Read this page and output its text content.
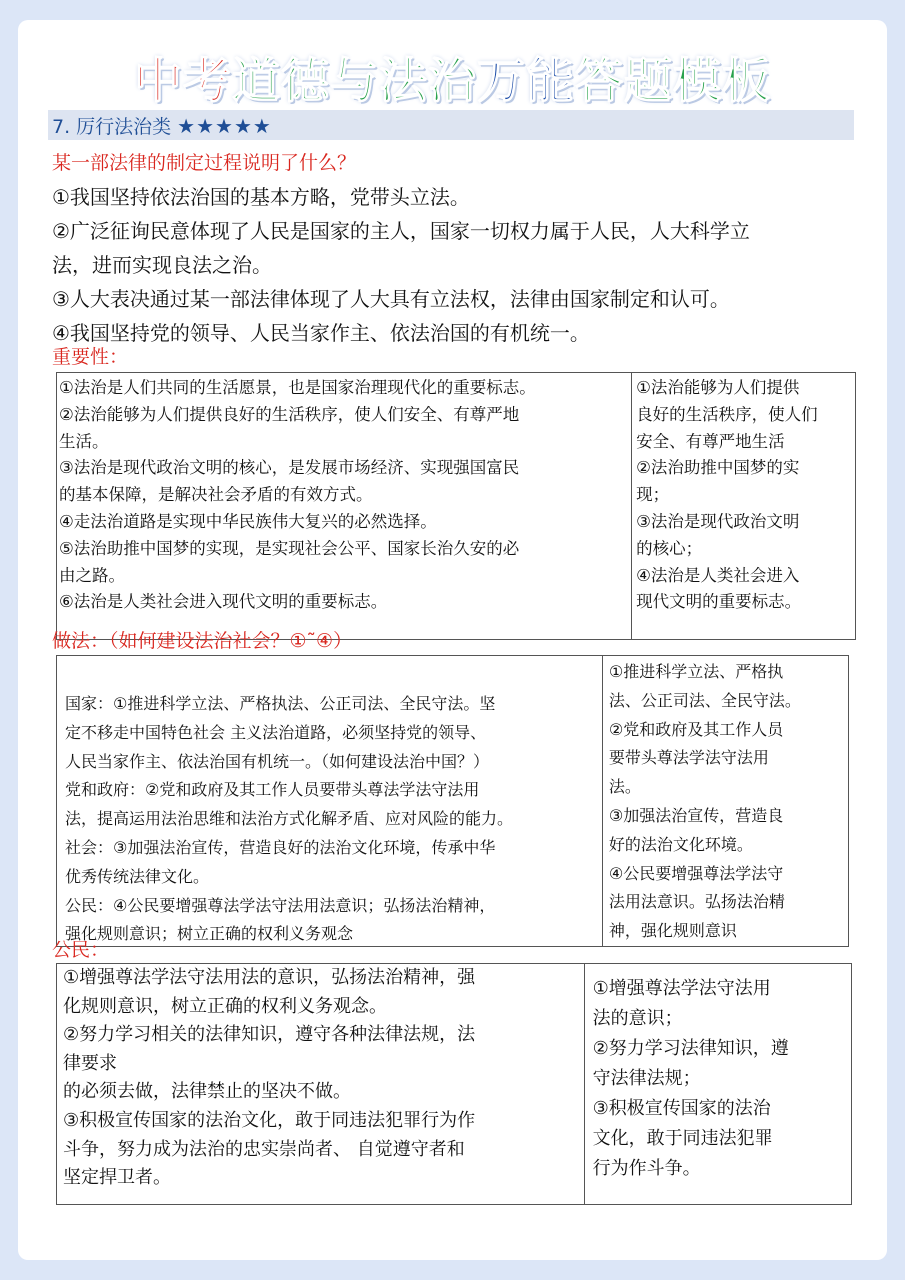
中考道德与法治万能答题模板
7. 厉行法治类 ★★★★★
某一部法律的制定过程说明了什么？
①我国坚持依法治国的基本方略，党带头立法。
②广泛征询民意体现了人民是国家的主人，国家一切权力属于人民，人大科学立
法，进而实现良法之治。
③人大表决通过某一部法律体现了人大具有立法权，法律由国家制定和认可。
④我国坚持党的领导、人民当家作主、依法治国的有机统一。
重要性：
①法治是人们共同的生活愿景，也是国家治理现代化的重要标志。
②法治能够为人们提供良好的生活秩序，使人们安全、有尊严地
生活。
③法治是现代政治文明的核心，是发展市场经济、实现强国富民
的基本保障，是解决社会矛盾的有效方式。
④走法治道路是实现中华民族伟大复兴的必然选择。
⑤法治助推中国梦的实现，是实现社会公平、国家长治久安的必
由之路。
⑥法治是人类社会进入现代文明的重要标志。
①法治能够为人们提供
良好的生活秩序，使人们
安全、有尊严地生活
②法治助推中国梦的实
现；
③法治是现代政治文明
的核心；
④法治是人类社会进入
现代文明的重要标志。
做法：（如何建设法治社会？①˜④）
国家：①推进科学立法、严格执法、公正司法、全民守法。坚
定不移走中国特色社会 主义法治道路，必须坚持党的领导、
人民当家作主、依法治国有机统一。（如何建设法治中国？）
党和政府：②党和政府及其工作人员要带头尊法学法守法用
法，提高运用法治思维和法治方式化解矛盾、应对风险的能力。
社会：③加强法治宣传，营造良好的法治文化环境，传承中华
优秀传统法律文化。
公民：④公民要增强尊法学法守法用法意识；弘扬法治精神，
强化规则意识；树立正确的权利义务观念
①推进科学立法、严格执
法、公正司法、全民守法。
②党和政府及其工作人员
要带头尊法学法守法用
法。
③加强法治宣传，营造良
好的法治文化环境。
④公民要增强尊法学法守
法用法意识。弘扬法治精
神，强化规则意识
公民：
①增强尊法学法守法用法的意识，弘扬法治精神，强
化规则意识，树立正确的权利义务观念。
②努力学习相关的法律知识，遵守各种法律法规，法
律要求
的必须去做，法律禁止的坚决不做。
③积极宣传国家的法治文化，敢于同违法犯罪行为作
斗争，努力成为法治的忠实崇尚者、 自觉遵守者和
坚定捍卫者。
①增强尊法学法守法用
法的意识；
②努力学习法律知识，遵
守法律法规；
③积极宣传国家的法治
文化，敢于同违法犯罪
行为作斗争。
